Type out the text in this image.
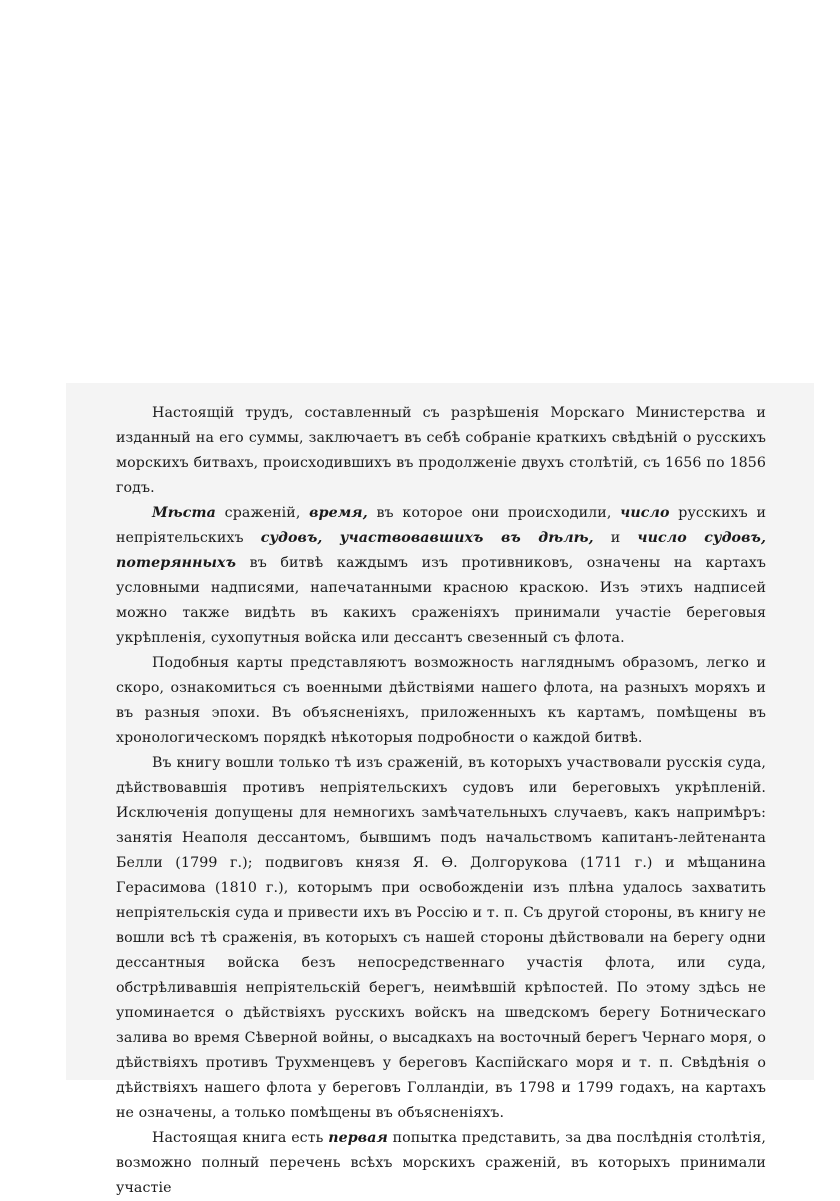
Настоящій трудъ, составленный съ разрѣшенія Морскаго Министерства и изданный на его суммы, заключаетъ въ себѣ собраніе краткихъ свѣдѣній о русскихъ морскихъ битвахъ, происходившихъ въ продолженіе двухъ столѣтій, съ 1656 по 1856 годъ.

Мѣста сраженій, время, въ которое они происходили, число русскихъ и непріятельскихъ судовъ, участвовавшихъ въ дѣлѣ, и число судовъ, потерянныхъ въ битвѣ каждымъ изъ противниковъ, означены на картахъ условными надписями, напечатанными красною краскою. Изъ этихъ надписей можно также видѣть въ какихъ сраженіяхъ принимали участіе береговыя укрѣпленія, сухопутныя войска или дессантъ свезенный съ флота.

Подобныя карты представляютъ возможность нагляднымъ образомъ, легко и скоро, ознакомиться съ военными дѣйствіями нашего флота, на разныхъ моряхъ и въ разныя эпохи. Въ объясненіяхъ, приложенныхъ къ картамъ, помѣщены въ хронологическомъ порядкѣ нѣкоторыя подробности о каждой битвѣ.

Въ книгу вошли только тѣ изъ сраженій, въ которыхъ участвовали русскія суда, дѣйствовавшія противъ непріятельскихъ судовъ или береговыхъ укрѣпленій. Исключенія допущены для немногихъ замѣчательныхъ случаевъ, какъ напримѣръ: занятія Неаполя дессантомъ, бывшимъ подъ начальствомъ капитанъ-лейтенанта Белли (1799 г.); подвиговъ князя Я. Ѳ. Долгорукова (1711 г.) и мѣщанина Герасимова (1810 г.), которымъ при освобожденіи изъ плѣна удалось захватить непріятельскія суда и привести ихъ въ Россію и т. п. Съ другой стороны, въ книгу не вошли всѣ тѣ сраженія, въ которыхъ съ нашей стороны дѣйствовали на берегу одни дессантныя войска безъ непосредственнаго участія флота, или суда, обстрѣливавшія непріятельскій берегъ, неимѣвшій крѣпостей. По этому здѣсь не упоминается о дѣйствіяхъ русскихъ войскъ на шведскомъ берегу Ботническаго залива во время Сѣверной войны, о высадкахъ на восточный берегъ Чернаго моря, о дѣйствіяхъ противъ Трухменцевъ у береговъ Каспійскаго моря и т. п. Свѣдѣнія о дѣйствіяхъ нашего флота у береговъ Голландіи, въ 1798 и 1799 годахъ, на картахъ не означены, а только помѣщены въ объясненіяхъ.

Настоящая книга есть первая попытка представить, за два послѣднія столѣтія, возможно полный перечень всѣхъ морскихъ сраженій, въ которыхъ принимали участіе
